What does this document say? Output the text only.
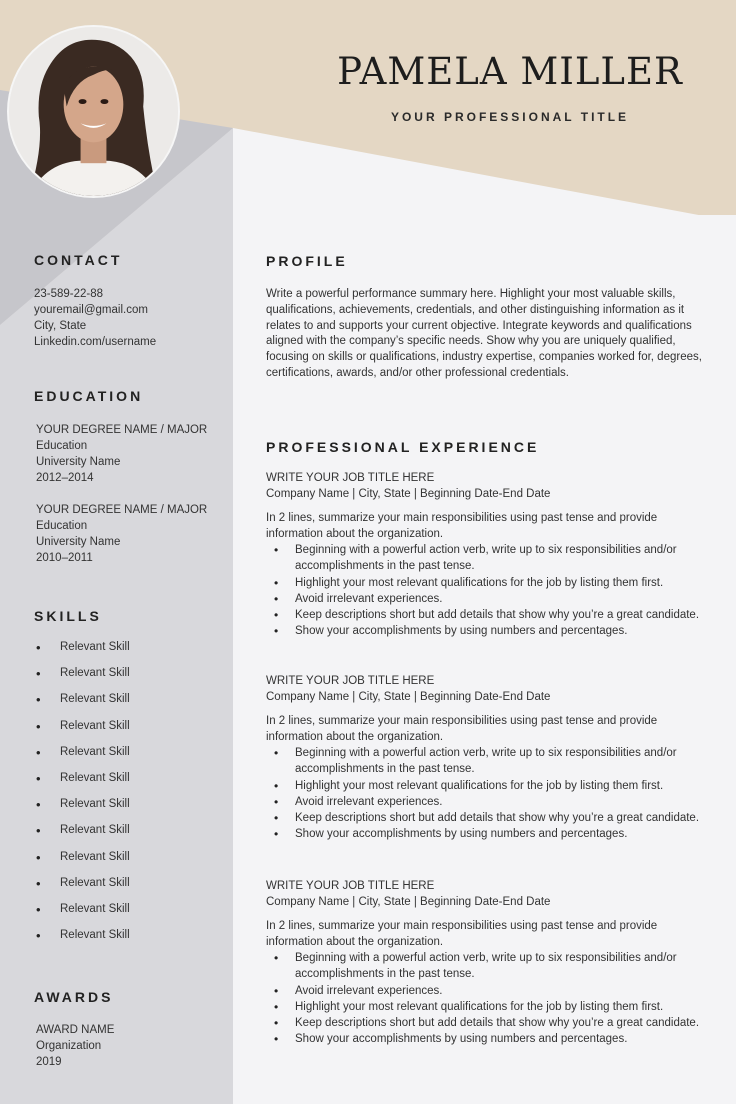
PAMELA MILLER
YOUR PROFESSIONAL TITLE
CONTACT
23-589-22-88
youremail@gmail.com
City, State
Linkedin.com/username
EDUCATION
YOUR DEGREE NAME / MAJOR
Education
University Name
2012–2014
YOUR DEGREE NAME / MAJOR
Education
University Name
2010–2011
SKILLS
• Relevant Skill
• Relevant Skill
• Relevant Skill
• Relevant Skill
• Relevant Skill
• Relevant Skill
• Relevant Skill
• Relevant Skill
• Relevant Skill
• Relevant Skill
• Relevant Skill
• Relevant Skill
AWARDS
AWARD NAME
Organization
2019
PROFILE

Write a powerful performance summary here. Highlight your most valuable skills, qualifications, achievements, credentials, and other distinguishing information as it relates to and supports your current objective. Integrate keywords and qualifications aligned with the company’s specific needs. Show why you are uniquely qualified, focusing on skills or qualifications, industry expertise, companies worked for, degrees, certifications, awards, and/or other professional credentials.

PROFESSIONAL EXPERIENCE
WRITE YOUR JOB TITLE HERE
Company Name | City, State | Beginning Date-End Date
In 2 lines, summarize your main responsibilities using past tense and provide information about the organization.
• Beginning with a powerful action verb, write up to six responsibilities and/or accomplishments in the past tense.
• Highlight your most relevant qualifications for the job by listing them first.
• Avoid irrelevant experiences.
• Keep descriptions short but add details that show why you’re a great candidate.
• Show your accomplishments by using numbers and percentages.
WRITE YOUR JOB TITLE HERE
Company Name | City, State | Beginning Date-End Date
In 2 lines, summarize your main responsibilities using past tense and provide information about the organization.
• Beginning with a powerful action verb, write up to six responsibilities and/or accomplishments in the past tense.
• Highlight your most relevant qualifications for the job by listing them first.
• Avoid irrelevant experiences.
• Keep descriptions short but add details that show why you’re a great candidate.
• Show your accomplishments by using numbers and percentages.
WRITE YOUR JOB TITLE HERE
Company Name | City, State | Beginning Date-End Date
In 2 lines, summarize your main responsibilities using past tense and provide information about the organization.
• Beginning with a powerful action verb, write up to six responsibilities and/or accomplishments in the past tense.
• Avoid irrelevant experiences.
• Highlight your most relevant qualifications for the job by listing them first.
• Keep descriptions short but add details that show why you’re a great candidate.
• Show your accomplishments by using numbers and percentages.
